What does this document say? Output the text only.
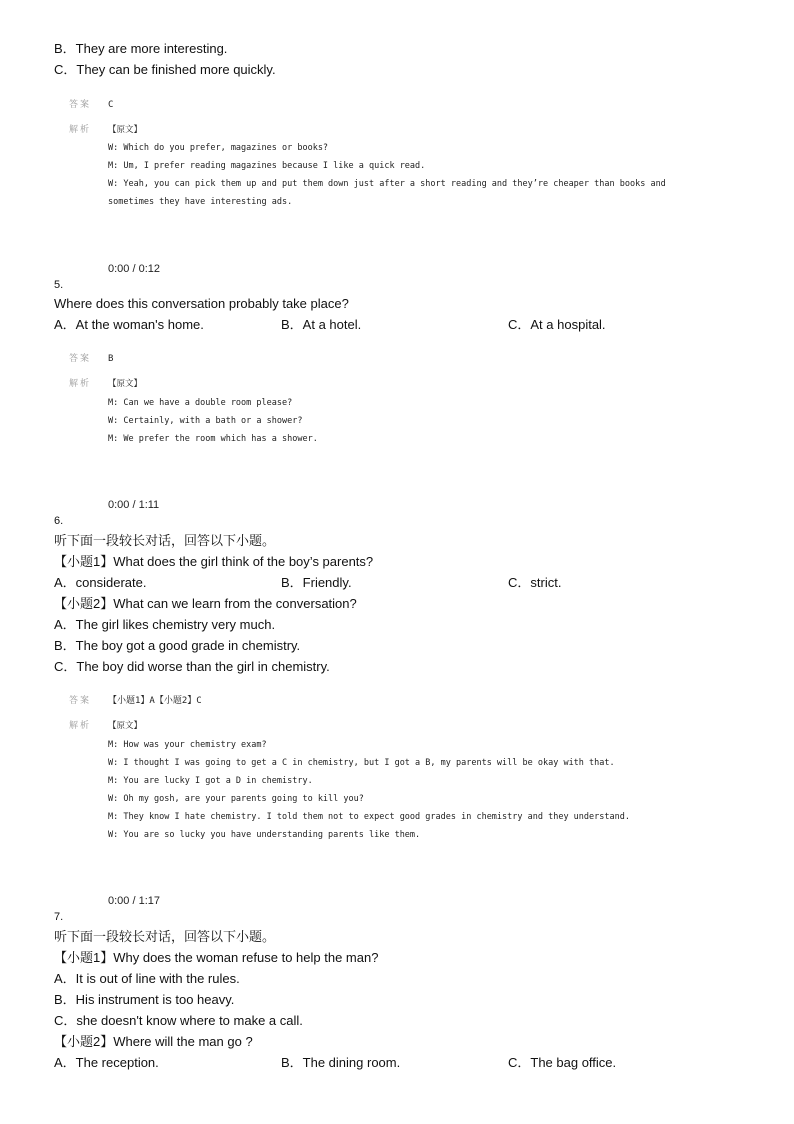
B．They are more interesting.
C．They can be finished more quickly.
答案 C
解析 【原文】
W: Which do you prefer, magazines or books?
M: Um, I prefer reading magazines because I like a quick read.
W: Yeah, you can pick them up and put them down just after a short reading and they’re cheaper than books and
sometimes they have interesting ads.
0:00 / 0:12
5.
Where does this conversation probably take place?
A．At the woman's home.	B．At a hotel.	C．At a hospital.
答案 B
解析 【原文】
M: Can we have a double room please?
W: Certainly, with a bath or a shower?
M: We prefer the room which has a shower.
0:00 / 1:11
6.
听下面一段较长对话，回答以下小题。
【小题1】What does the girl think of the boy’s parents?
A．considerate.	B．Friendly.	C．strict.
【小题2】What can we learn from the conversation?
A．The girl likes chemistry very much.
B．The boy got a good grade in chemistry.
C．The boy did worse than the girl in chemistry.
答案 【小题1】A【小题2】C
解析 【原文】
M: How was your chemistry exam?
W: I thought I was going to get a C in chemistry, but I got a B, my parents will be okay with that.
M: You are lucky I got a D in chemistry.
W: Oh my gosh, are your parents going to kill you?
M: They know I hate chemistry. I told them not to expect good grades in chemistry and they understand.
W: You are so lucky you have understanding parents like them.
0:00 / 1:17
7.
听下面一段较长对话，回答以下小题。
【小题1】Why does the woman refuse to help the man?
A．It is out of line with the rules.
B．His instrument is too heavy.
C．she doesn't know where to make a call.
【小题2】Where will the man go ?
A．The reception.	B．The dining room.	C．The bag office.
